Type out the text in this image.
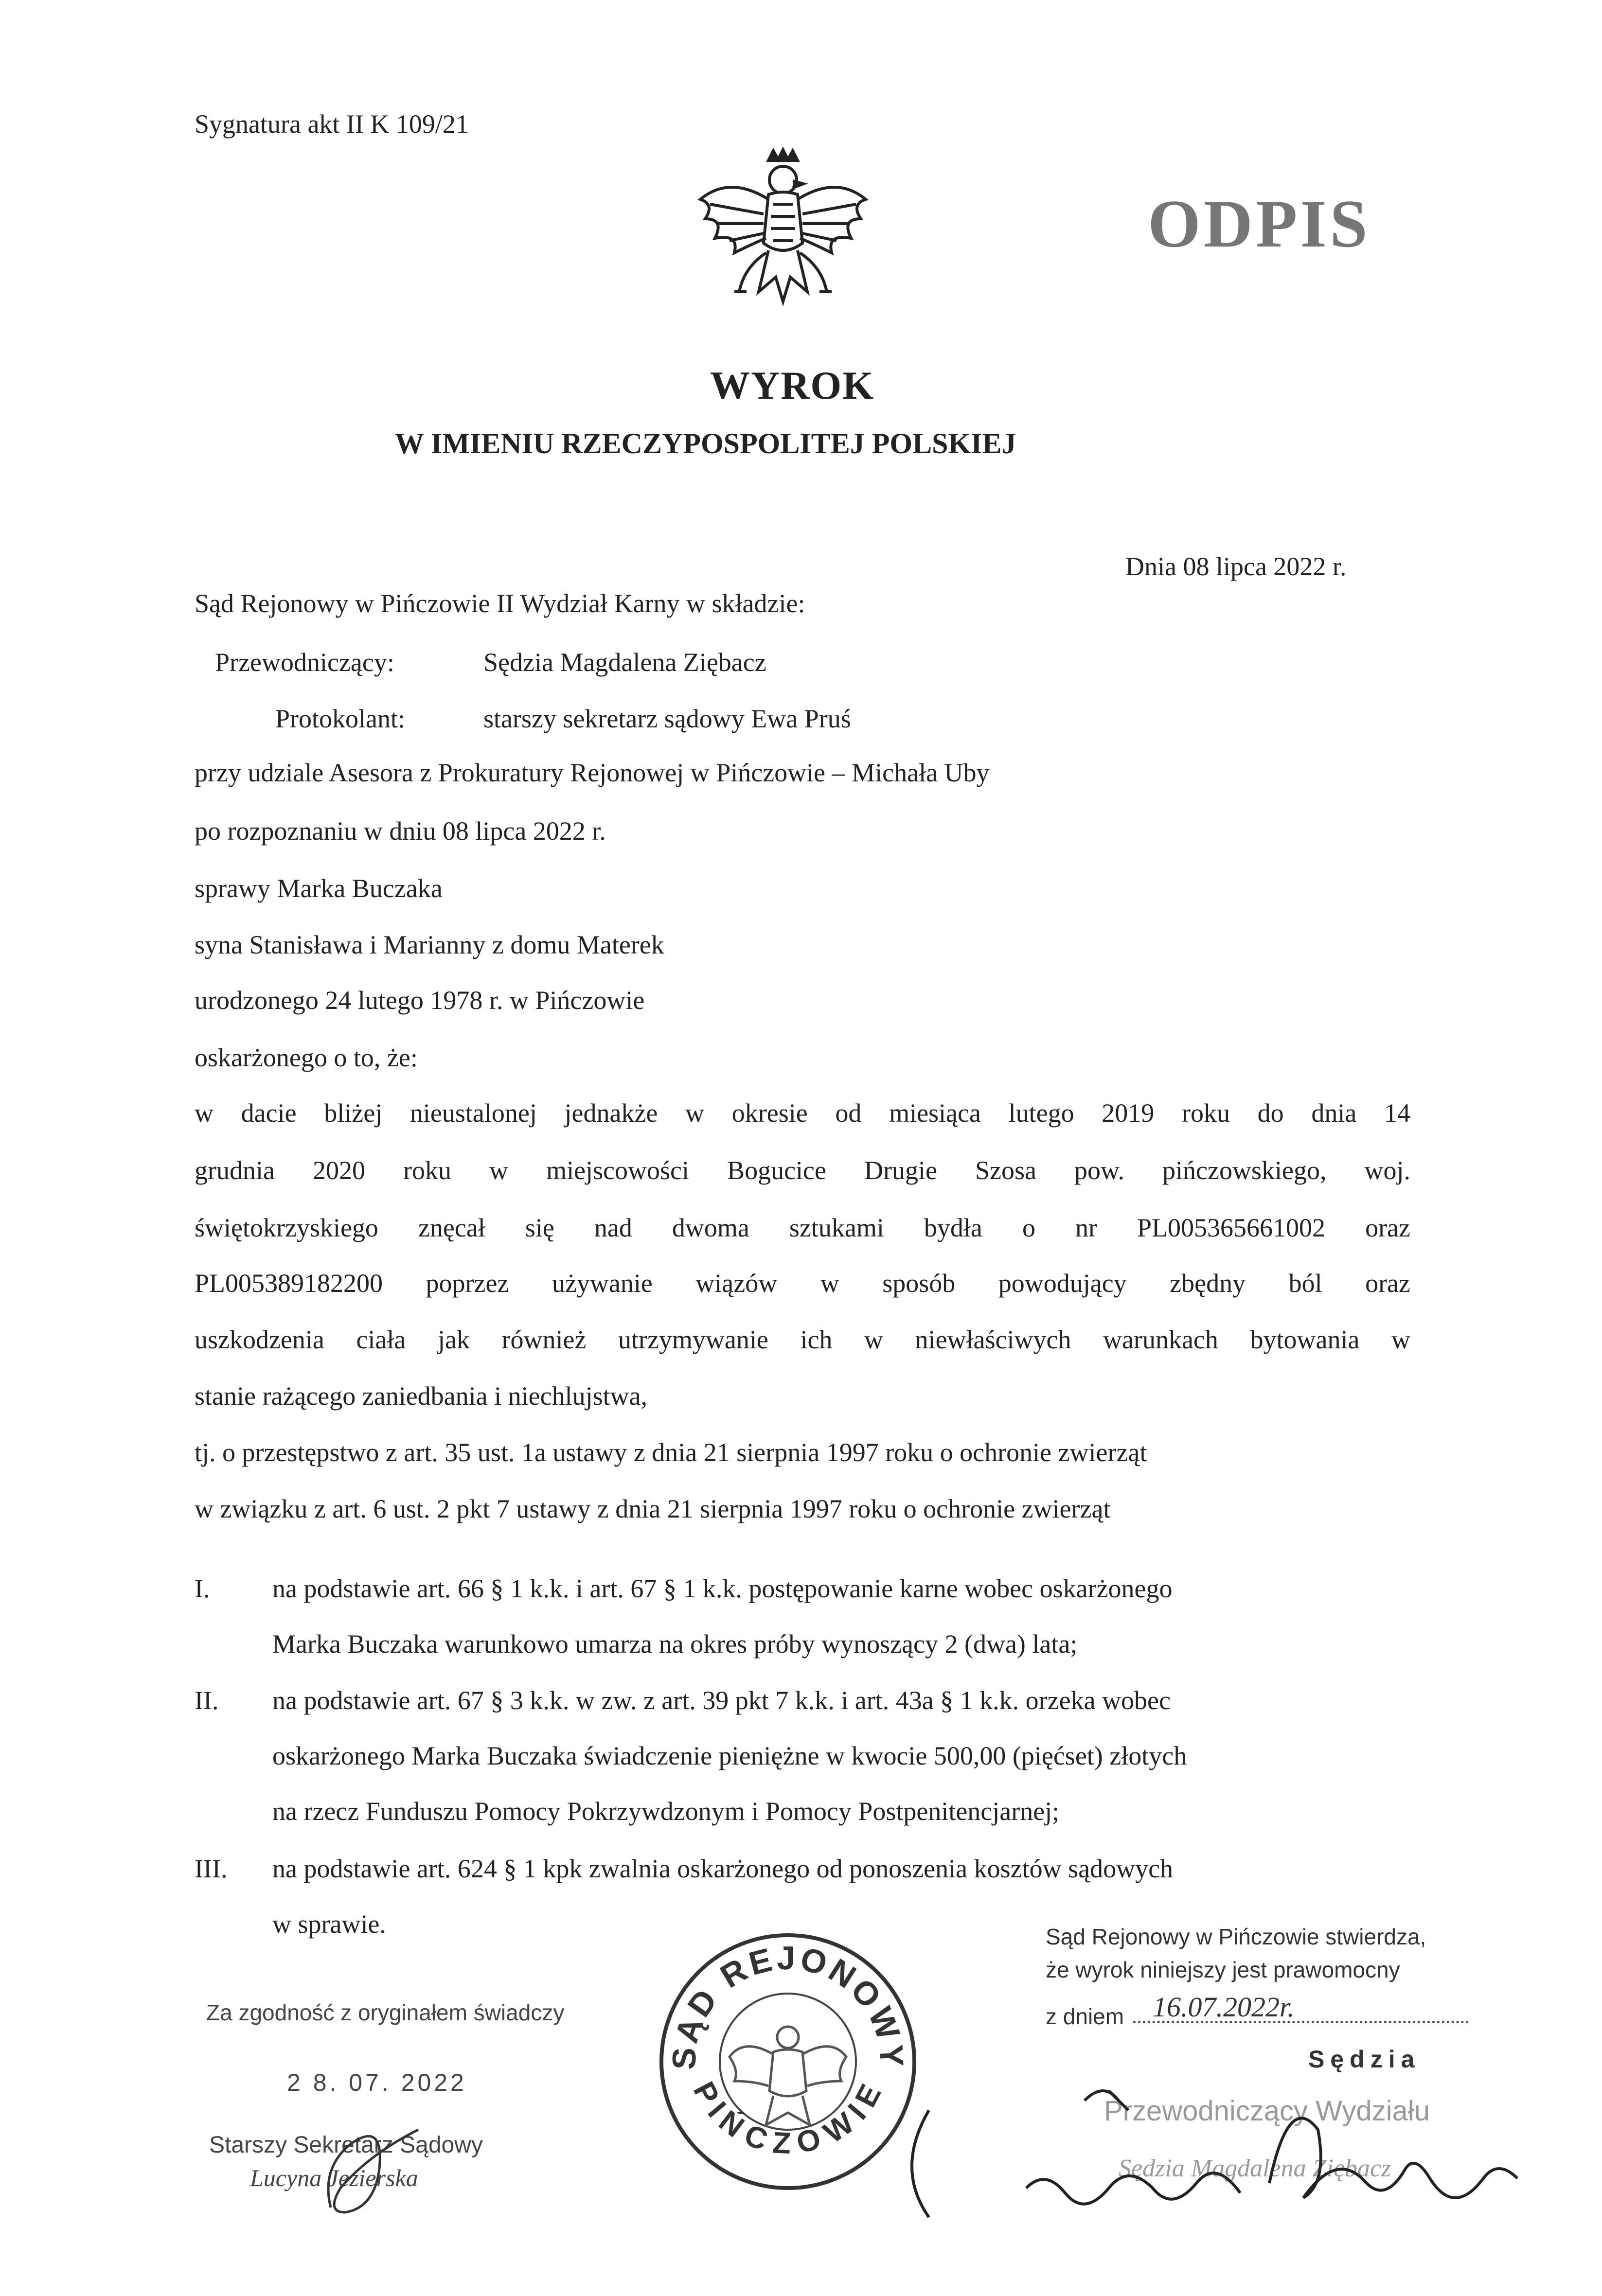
Sygnatura akt II K 109/21
ODPIS
WYROK
W IMIENIU RZECZYPOSPOLITEJ POLSKIEJ
Dnia 08 lipca 2022 r.
Sąd Rejonowy w Pińczowie II Wydział Karny w składzie:
Przewodniczący:	Sędzia Magdalena Ziębacz
Protokolant:	starszy sekretarz sądowy Ewa Pruś
przy udziale Asesora z Prokuratury Rejonowej w Pińczowie – Michała Uby
po rozpoznaniu w dniu 08 lipca 2022 r.
sprawy Marka Buczaka
syna Stanisława i Marianny z domu Materek
urodzonego 24 lutego 1978 r. w Pińczowie
oskarżonego o to, że:
w dacie bliżej nieustalonej jednakże w okresie od miesiąca lutego 2019 roku do dnia 14
grudnia 2020 roku w miejscowości Bogucice Drugie Szosa pow. pińczowskiego, woj.
świętokrzyskiego znęcał się nad dwoma sztukami bydła o nr PL005365661002 oraz
PL005389182200 poprzez używanie wiązów w sposób powodujący zbędny ból oraz
uszkodzenia ciała jak również utrzymywanie ich w niewłaściwych warunkach bytowania w
stanie rażącego zaniedbania i niechlujstwa,
tj. o przestępstwo z art. 35 ust. 1a ustawy z dnia 21 sierpnia 1997 roku o ochronie zwierząt
w związku z art. 6 ust. 2 pkt 7 ustawy z dnia 21 sierpnia 1997 roku o ochronie zwierząt
I. na podstawie art. 66 § 1 k.k. i art. 67 § 1 k.k. postępowanie karne wobec oskarżonego
Marka Buczaka warunkowo umarza na okres próby wynoszący 2 (dwa) lata;
II. na podstawie art. 67 § 3 k.k. w zw. z art. 39 pkt 7 k.k. i art. 43a § 1 k.k. orzeka wobec
oskarżonego Marka Buczaka świadczenie pieniężne w kwocie 500,00 (pięćset) złotych
na rzecz Funduszu Pomocy Pokrzywdzonym i Pomocy Postpenitencjarnej;
III. na podstawie art. 624 § 1 kpk zwalnia oskarżonego od ponoszenia kosztów sądowych
w sprawie.
Za zgodność z oryginałem świadczy
2 8. 07. 2022
Starszy Sekretarz Sądowy
Lucyna Jezierska
SĄD REJONOWY
PIŃCZOWIE
Sąd Rejonowy w Pińczowie stwierdza,
że wyrok niniejszy jest prawomocny
z dniem 16.07.2022r.
Sędzia
Przewodniczący Wydziału
Sędzia Magdalena Ziębacz
